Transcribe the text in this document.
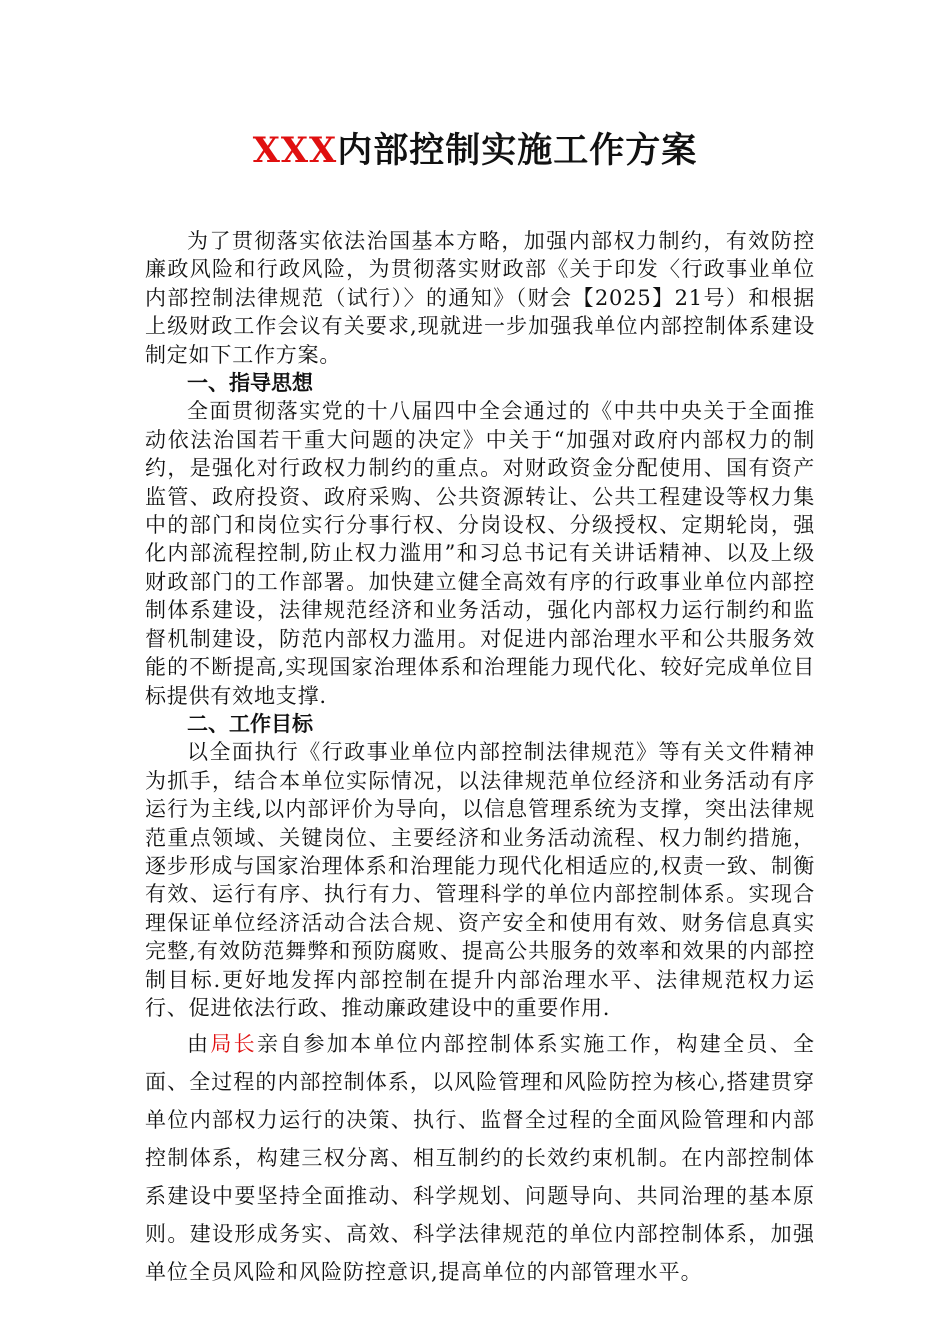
XXX内部控制实施工作方案

为了贯彻落实依法治国基本方略，加强内部权力制约，有效防控廉政风险和行政风险，为贯彻落实财政部《关于印发〈行政事业单位内部控制法律规范（试行）〉的通知》（财会【2025】21号）和根据上级财政工作会议有关要求,现就进一步加强我单位内部控制体系建设制定如下工作方案。

一、指导思想

全面贯彻落实党的十八届四中全会通过的《中共中央关于全面推动依法治国若干重大问题的决定》中关于“加强对政府内部权力的制约，是强化对行政权力制约的重点。对财政资金分配使用、国有资产监管、政府投资、政府采购、公共资源转让、公共工程建设等权力集中的部门和岗位实行分事行权、分岗设权、分级授权、定期轮岗，强化内部流程控制,防止权力滥用”和习总书记有关讲话精神、以及上级财政部门的工作部署。加快建立健全高效有序的行政事业单位内部控制体系建设，法律规范经济和业务活动，强化内部权力运行制约和监督机制建设，防范内部权力滥用。对促进内部治理水平和公共服务效能的不断提高,实现国家治理体系和治理能力现代化、较好完成单位目标提供有效地支撑.

二、工作目标

以全面执行《行政事业单位内部控制法律规范》等有关文件精神为抓手，结合本单位实际情况，以法律规范单位经济和业务活动有序运行为主线,以内部评价为导向，以信息管理系统为支撑，突出法律规范重点领域、关键岗位、主要经济和业务活动流程、权力制约措施，逐步形成与国家治理体系和治理能力现代化相适应的,权责一致、制衡有效、运行有序、执行有力、管理科学的单位内部控制体系。实现合理保证单位经济活动合法合规、资产安全和使用有效、财务信息真实完整,有效防范舞弊和预防腐败、提高公共服务的效率和效果的内部控制目标.更好地发挥内部控制在提升内部治理水平、法律规范权力运行、促进依法行政、推动廉政建设中的重要作用.

由局长亲自参加本单位内部控制体系实施工作，构建全员、全面、全过程的内部控制体系，以风险管理和风险防控为核心,搭建贯穿单位内部权力运行的决策、执行、监督全过程的全面风险管理和内部控制体系，构建三权分离、相互制约的长效约束机制。在内部控制体系建设中要坚持全面推动、科学规划、问题导向、共同治理的基本原则。建设形成务实、高效、科学法律规范的单位内部控制体系，加强单位全员风险和风险防控意识,提高单位的内部管理水平。
